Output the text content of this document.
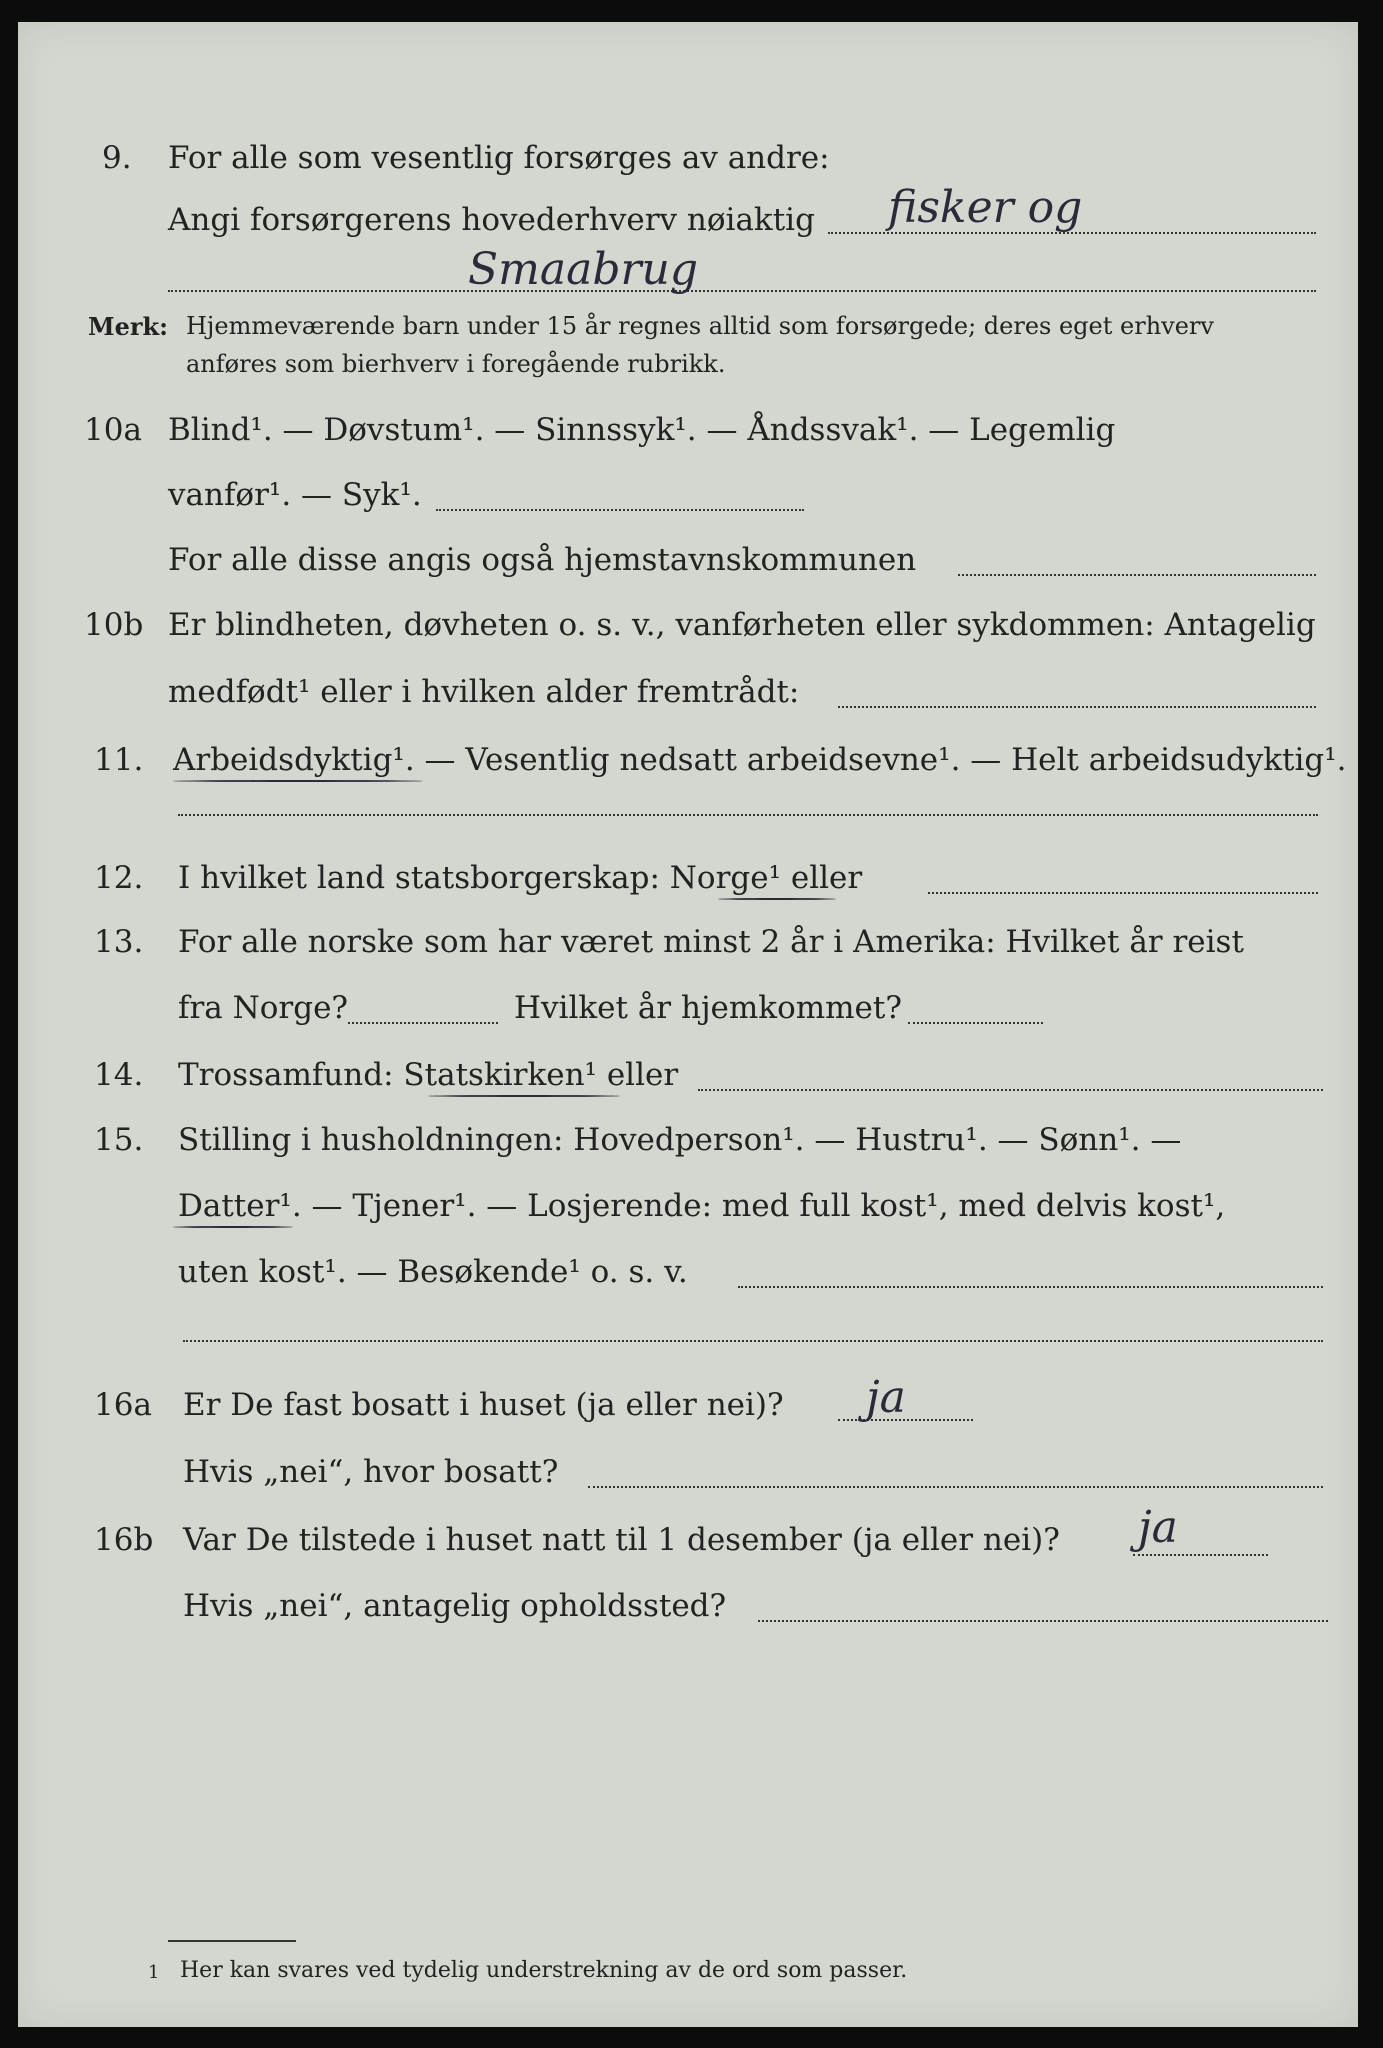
9. For alle som vesentlig forsørges av andre:
Angi forsørgerens hovederhverv nøiaktig fisker og
Smaabrug
Merk: Hjemmeværende barn under 15 år regnes alltid som forsørgede; deres eget erhverv
anføres som bierhverv i foregående rubrikk.
10a Blind¹. — Døvstum¹. — Sinnssyk¹. — Åndssvak¹. — Legemlig
vanfør¹. — Syk¹.
For alle disse angis også hjemstavnskommunen
10b Er blindheten, døvheten o. s. v., vanførheten eller sykdommen: Antagelig
medfødt¹ eller i hvilken alder fremtrådt:
11. Arbeidsdyktig¹. — Vesentlig nedsatt arbeidsevne¹. — Helt arbeidsudyktig¹.
12. I hvilket land statsborgerskap: Norge¹ eller
13. For alle norske som har været minst 2 år i Amerika: Hvilket år reist
fra Norge?	Hvilket år hjemkommet?
14. Trossamfund: Statskirken¹ eller
15. Stilling i husholdningen: Hovedperson¹. — Hustru¹. — Sønn¹. —
Datter¹. — Tjener¹. — Losjerende: med full kost¹, med delvis kost¹,
uten kost¹. — Besøkende¹ o. s. v.
16a Er De fast bosatt i huset (ja eller nei)? ja
Hvis „nei“, hvor bosatt?
16b Var De tilstede i huset natt til 1 desember (ja eller nei)? ja
Hvis „nei“, antagelig opholdssted?
1 Her kan svares ved tydelig understrekning av de ord som passer.
